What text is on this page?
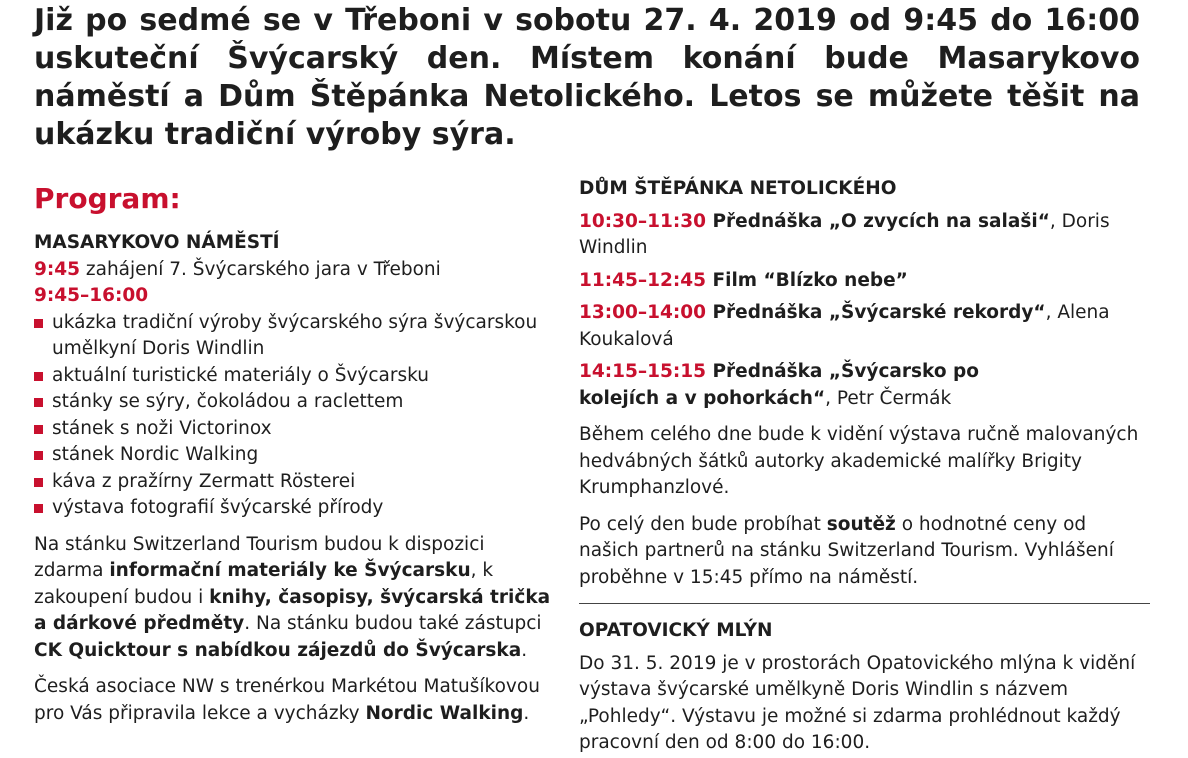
Již po sedmé se v Třeboni v sobotu 27. 4. 2019 od 9:45 do 16:00 uskuteční Švýcarský den. Místem konání bude Masarykovo náměstí a Dům Štěpánka Netolického. Letos se můžete těšit na ukázku tradiční výroby sýra.
Program:
MASARYKOVO NÁMĚSTÍ
9:45 zahájení 7. Švýcarského jara v Třeboni
9:45–16:00
ukázka tradiční výroby švýcarského sýra švýcarskou umělkyní Doris Windlin
aktuální turistické materiály o Švýcarsku
stánky se sýry, čokoládou a raclettem
stánek s noži Victorinox
stánek Nordic Walking
káva z pražírny Zermatt Rösterei
výstava fotografií švýcarské přírody

Na stánku Switzerland Tourism budou k dispozici zdarma informační materiály ke Švýcarsku, k zakoupení budou i knihy, časopisy, švýcarská trička a dárkové předměty. Na stánku budou také zástupci CK Quicktour s nabídkou zájezdů do Švýcarska.

Česká asociace NW s trenérkou Markétou Matušíkovou pro Vás připravila lekce a vycházky Nordic Walking.

DŮM ŠTĚPÁNKA NETOLICKÉHO
10:30–11:30 Přednáška „O zvycích na salaši“, Doris Windlin
11:45–12:45 Film “Blízko nebe”
13:00–14:00 Přednáška „Švýcarské rekordy“, Alena Koukalová
14:15–15:15 Přednáška „Švýcarsko po kolejích a v pohorkách“, Petr Čermák

Během celého dne bude k vidění výstava ručně malovaných hedvábných šátků autorky akademické malířky Brigity Krumphanzlové.

Po celý den bude probíhat soutěž o hodnotné ceny od našich partnerů na stánku Switzerland Tourism. Vyhlášení proběhne v 15:45 přímo na náměstí.

OPATOVICKÝ MLÝN

Do 31. 5. 2019 je v prostorách Opatovického mlýna k vidění výstava švýcarské umělkyně Doris Windlin s názvem „Pohledy“. Výstavu je možné si zdarma prohlédnout každý pracovní den od 8:00 do 16:00.
